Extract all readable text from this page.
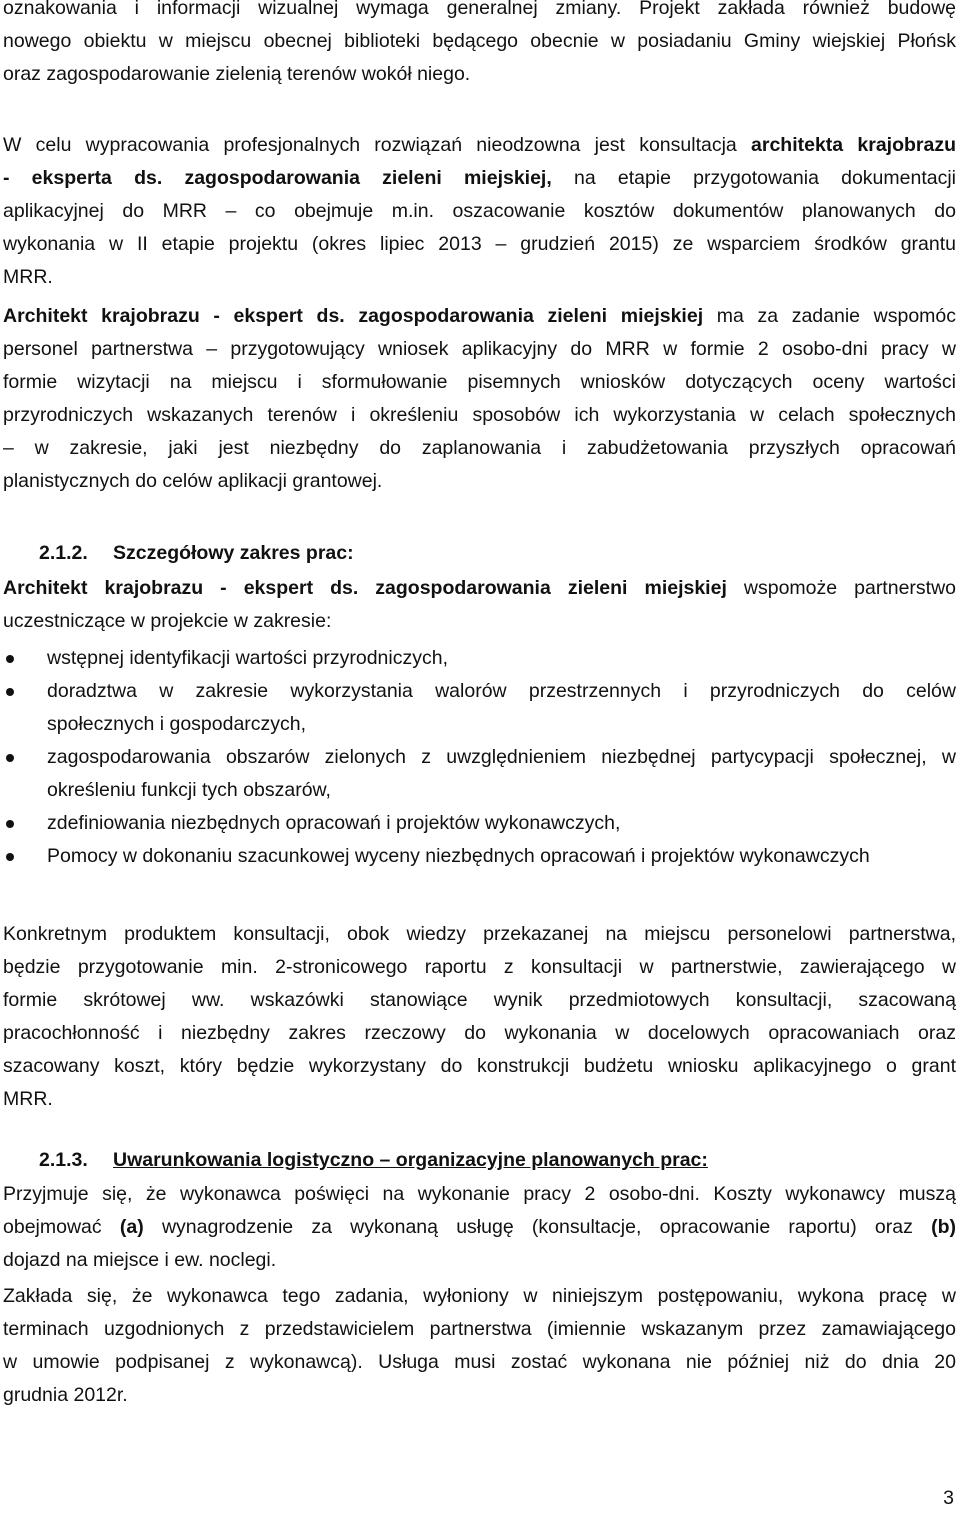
oznakowania i informacji wizualnej wymaga generalnej zmiany. Projekt zakłada również budowę
nowego obiektu w miejscu obecnej biblioteki będącego obecnie w posiadaniu Gminy wiejskiej Płońsk
oraz zagospodarowanie zielenią terenów wokół niego.
W celu wypracowania profesjonalnych rozwiązań nieodzowna jest konsultacja architekta krajobrazu
- eksperta ds. zagospodarowania zieleni miejskiej, na etapie przygotowania dokumentacji
aplikacyjnej do MRR – co obejmuje m.in. oszacowanie kosztów dokumentów planowanych do
wykonania w II etapie projektu (okres lipiec 2013 – grudzień 2015) ze wsparciem środków grantu
MRR.
Architekt krajobrazu - ekspert ds. zagospodarowania zieleni miejskiej ma za zadanie wspomóc
personel partnerstwa – przygotowujący wniosek aplikacyjny do MRR w formie 2 osobo-dni pracy w
formie wizytacji na miejscu i sformułowanie pisemnych wniosków dotyczących oceny wartości
przyrodniczych wskazanych terenów i określeniu sposobów ich wykorzystania w celach społecznych
– w zakresie, jaki jest niezbędny do zaplanowania i zabudżetowania przyszłych opracowań
planistycznych do celów aplikacji grantowej.
2.1.2. Szczegółowy zakres prac:
Architekt krajobrazu - ekspert ds. zagospodarowania zieleni miejskiej wspomoże partnerstwo
uczestniczące w projekcie w zakresie:
wstępnej identyfikacji wartości przyrodniczych,
doradztwa w zakresie wykorzystania walorów przestrzennych i przyrodniczych do celów
społecznych i gospodarczych,
zagospodarowania obszarów zielonych z uwzględnieniem niezbędnej partycypacji społecznej, w
określeniu funkcji tych obszarów,
zdefiniowania niezbędnych opracowań i projektów wykonawczych,
Pomocy w dokonaniu szacunkowej wyceny niezbędnych opracowań i projektów wykonawczych
Konkretnym produktem konsultacji, obok wiedzy przekazanej na miejscu personelowi partnerstwa,
będzie przygotowanie min. 2-stronicowego raportu z konsultacji w partnerstwie, zawierającego w
formie skrótowej ww. wskazówki stanowiące wynik przedmiotowych konsultacji, szacowaną
pracochłonność i niezbędny zakres rzeczowy do wykonania w docelowych opracowaniach oraz
szacowany koszt, który będzie wykorzystany do konstrukcji budżetu wniosku aplikacyjnego o grant
MRR.
2.1.3. Uwarunkowania logistyczno – organizacyjne planowanych prac:
Przyjmuje się, że wykonawca poświęci na wykonanie pracy 2 osobo-dni. Koszty wykonawcy muszą
obejmować (a) wynagrodzenie za wykonaną usługę (konsultacje, opracowanie raportu) oraz (b)
dojazd na miejsce i ew. noclegi.
Zakłada się, że wykonawca tego zadania, wyłoniony w niniejszym postępowaniu, wykona pracę w
terminach uzgodnionych z przedstawicielem partnerstwa (imiennie wskazanym przez zamawiającego
w umowie podpisanej z wykonawcą). Usługa musi zostać wykonana nie później niż do dnia 20
grudnia 2012r.
3
